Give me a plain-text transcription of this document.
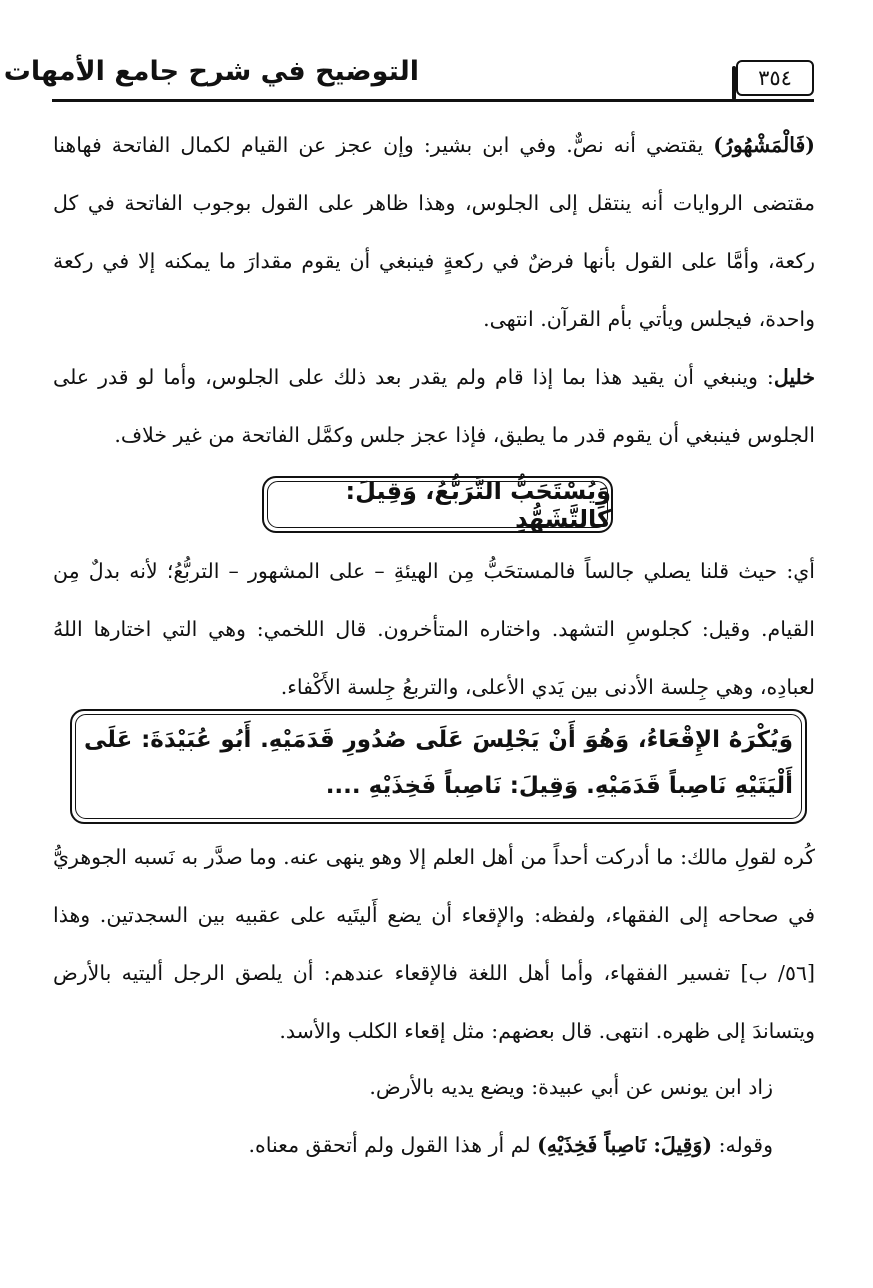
٣٥٤
التوضيح في شرح جامع الأمهات

(فَالْمَشْهُورُ) يقتضي أنه نصٌّ. وفي ابن بشير: وإن عجز عن القيام لكمال الفاتحة فهاهنا مقتضى الروايات أنه ينتقل إلى الجلوس، وهذا ظاهر على القول بوجوب الفاتحة في كل ركعة، وأمَّا على القول بأنها فرضٌ في ركعةٍ فينبغي أن يقوم مقدارَ ما يمكنه إلا في ركعة واحدة، فيجلس ويأتي بأم القرآن. انتهى.

خليل: وينبغي أن يقيد هذا بما إذا قام ولم يقدر بعد ذلك على الجلوس، وأما لو قدر على الجلوس فينبغي أن يقوم قدر ما يطيق، فإذا عجز جلس وكمَّل الفاتحة من غير خلاف.

وَيُسْتَحَبُّ التَّرَبُّعُ، وَقِيلَ: كَالتَّشَهُّدِ

أي: حيث قلنا يصلي جالساً فالمستحَبُّ مِن الهيئةِ – على المشهور – التربُّعُ؛ لأنه بدلٌ مِن القيام. وقيل: كجلوسِ التشهد. واختاره المتأخرون. قال اللخمي: وهي التي اختارها اللهُ لعبادِه، وهي جِلسة الأدنى بين يَدي الأعلى، والتربعُ جِلسة الأَكْفاء.

وَيُكْرَهُ الإِقْعَاءُ، وَهُوَ أَنْ يَجْلِسَ عَلَى صُدُورِ قَدَمَيْهِ. أَبُو عُبَيْدَةَ: عَلَى أَلْيَتَيْهِ نَاصِباً قَدَمَيْهِ. وَقِيلَ: نَاصِباً فَخِذَيْهِ ....

كُره لقولِ مالك: ما أدركت أحداً من أهل العلم إلا وهو ينهى عنه. وما صدَّر به نَسبه الجوهريُّ في صحاحه إلى الفقهاء، ولفظه: والإقعاء أن يضع أَليتَيه على عقبيه بين السجدتين. وهذا [٥٦/ ب] تفسير الفقهاء، وأما أهل اللغة فالإقعاء عندهم: أن يلصق الرجل أليتيه بالأرض ويتساندَ إلى ظهره. انتهى. قال بعضهم: مثل إقعاء الكلب والأسد.

زاد ابن يونس عن أبي عبيدة: ويضع يديه بالأرض.

وقوله: (وَقِيلَ: نَاصِباً فَخِذَيْهِ) لم أر هذا القول ولم أتحقق معناه.
